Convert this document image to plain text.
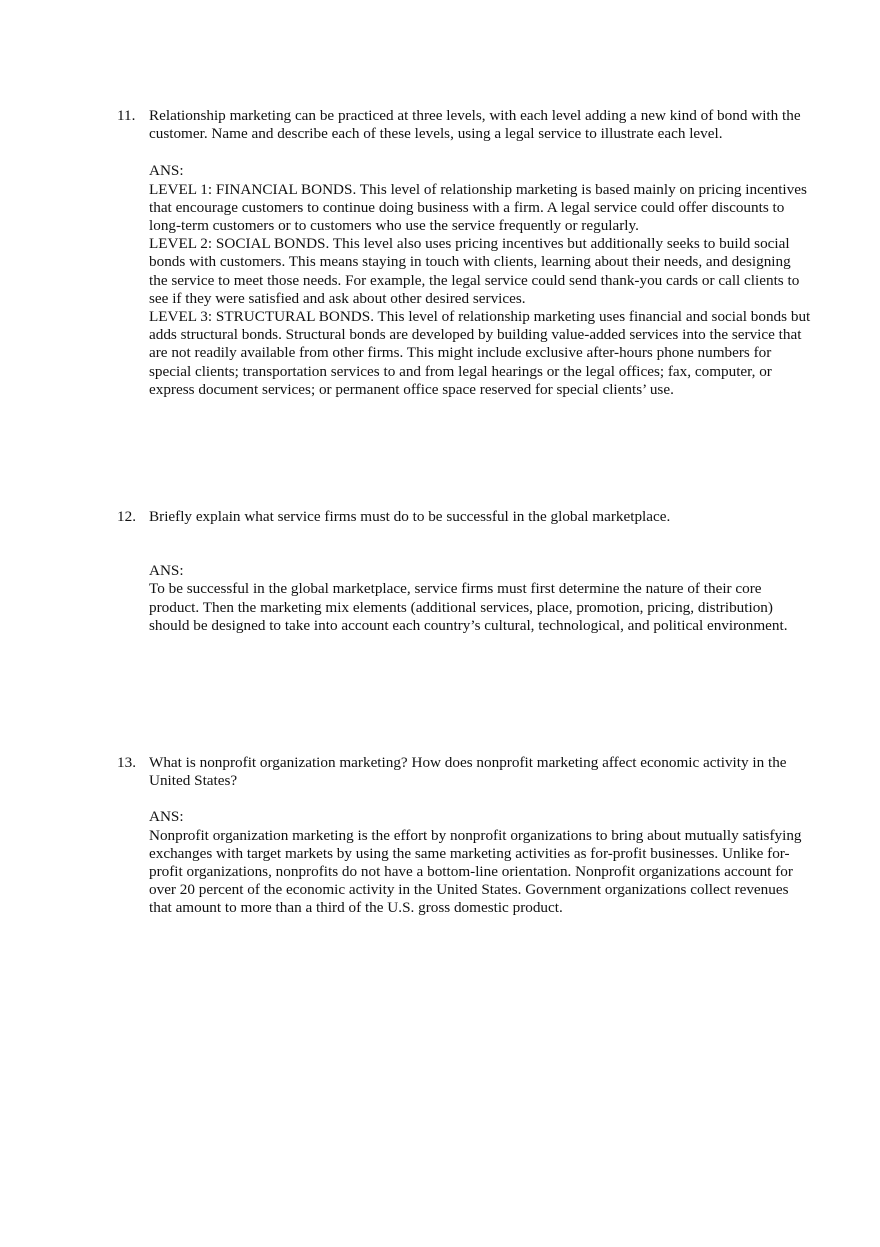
11. Relationship marketing can be practiced at three levels, with each level adding a new kind of bond with the customer. Name and describe each of these levels, using a legal service to illustrate each level.
ANS:

LEVEL 1: FINANCIAL BONDS. This level of relationship marketing is based mainly on pricing incentives that encourage customers to continue doing business with a firm. A legal service could offer discounts to long-term customers or to customers who use the service frequently or regularly.

LEVEL 2: SOCIAL BONDS. This level also uses pricing incentives but additionally seeks to build social bonds with customers. This means staying in touch with clients, learning about their needs, and designing the service to meet those needs. For example, the legal service could send thank-you cards or call clients to see if they were satisfied and ask about other desired services.

LEVEL 3: STRUCTURAL BONDS. This level of relationship marketing uses financial and social bonds but adds structural bonds. Structural bonds are developed by building value-added services into the service that are not readily available from other firms. This might include exclusive after-hours phone numbers for special clients; transportation services to and from legal hearings or the legal offices; fax, computer, or express document services; or permanent office space reserved for special clients’ use.

12. Briefly explain what service firms must do to be successful in the global marketplace.
ANS:

To be successful in the global marketplace, service firms must first determine the nature of their core product. Then the marketing mix elements (additional services, place, promotion, pricing, distribution) should be designed to take into account each country’s cultural, technological, and political environment.

13. What is nonprofit organization marketing? How does nonprofit marketing affect economic activity in the United States?
ANS:

Nonprofit organization marketing is the effort by nonprofit organizations to bring about mutually satisfying exchanges with target markets by using the same marketing activities as for-profit businesses. Unlike for-profit organizations, nonprofits do not have a bottom-line orientation. Nonprofit organizations account for over 20 percent of the economic activity in the United States. Government organizations collect revenues that amount to more than a third of the U.S. gross domestic product.
